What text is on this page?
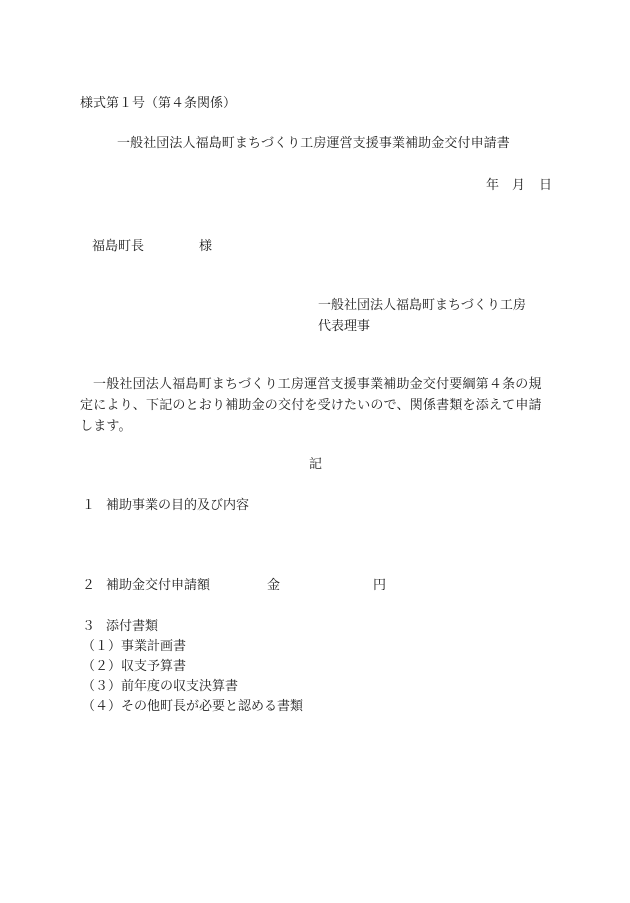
様式第１号（第４条関係）

一般社団法人福島町まちづくり工房運営支援事業補助金交付申請書

年 月 日

福島町長	様

一般社団法人福島町まちづくり工房

代表理事

一般社団法人福島町まちづくり工房運営支援事業補助金交付要綱第４条の規定により、下記のとおり補助金の交付を受けたいので、関係書類を添えて申請します。

記

１ 補助事業の目的及び内容

２ 補助金交付申請額	金	円

３ 添付書類

（１）事業計画書

（２）収支予算書

（３）前年度の収支決算書

（４）その他町長が必要と認める書類
